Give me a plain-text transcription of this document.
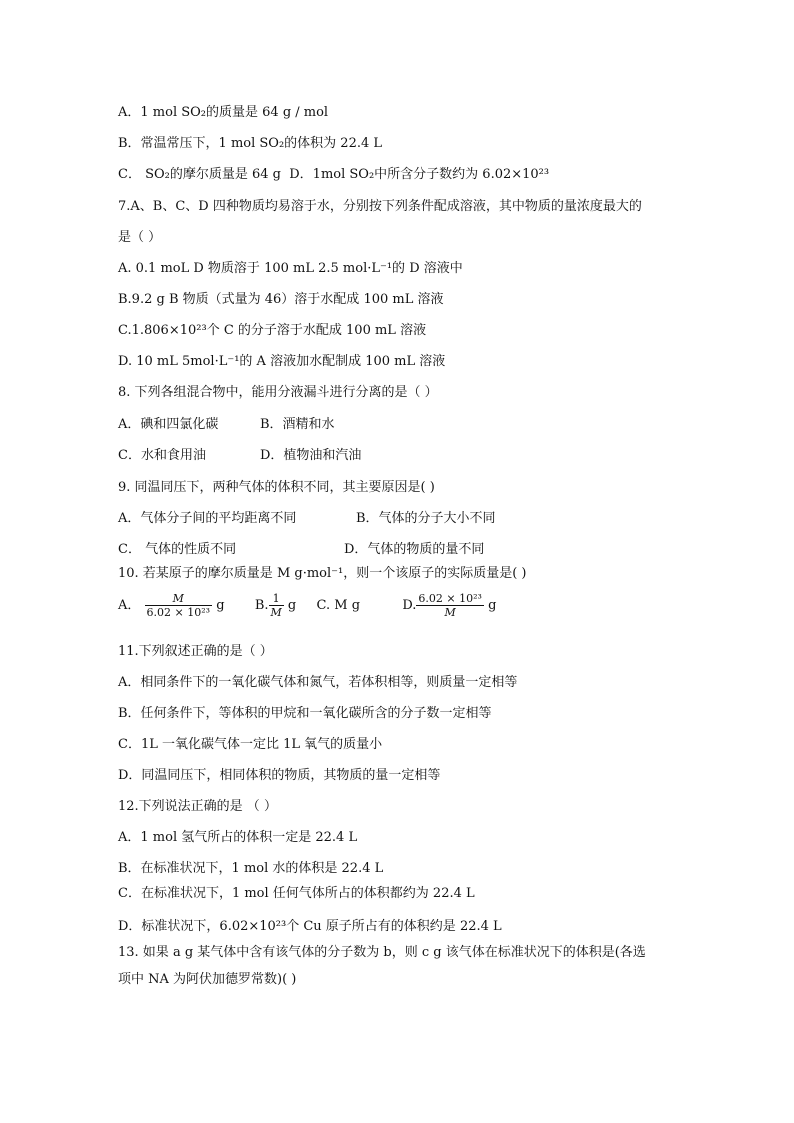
A．1 mol SO₂的质量是 64 g / mol
B．常温常压下，1 mol SO₂的体积为 22.4 L
C． SO₂的摩尔质量是 64 g D．1mol SO₂中所含分子数约为 6.02×10²³
7.A、B、C、D 四种物质均易溶于水，分别按下列条件配成溶液，其中物质的量浓度最大的
是（ ）
A. 0.1 moL D 物质溶于 100 mL 2.5 mol·L⁻¹的 D 溶液中
B.9.2 g B 物质（式量为 46）溶于水配成 100 mL 溶液
C.1.806×10²³个 C 的分子溶于水配成 100 mL 溶液
D. 10 mL 5mol·L⁻¹的 A 溶液加水配制成 100 mL 溶液
8. 下列各组混合物中，能用分液漏斗进行分离的是（ ）
A．碘和四氯化碳	B．酒精和水
C．水和食用油	D．植物油和汽油
9. 同温同压下，两种气体的体积不同，其主要原因是( )
A．气体分子间的平均距离不同	B．气体的分子大小不同
C． 气体的性质不同	D．气体的物质的量不同
10. 若某原子的摩尔质量是 M g·mol⁻¹，则一个该原子的实际质量是( )
A． $\frac{M}{\text{6.02 × 10²³}}$ g B. $\frac{1}{M}$ g C. M g	D. $\frac{\text{6.02 × 10²³}}{M}$ g
11.下列叙述正确的是（ ）
A．相同条件下的一氧化碳气体和氮气，若体积相等，则质量一定相等
B．任何条件下，等体积的甲烷和一氧化碳所含的分子数一定相等
C．1L 一氧化碳气体一定比 1L 氧气的质量小
D．同温同压下，相同体积的物质，其物质的量一定相等
12.下列说法正确的是 （ ）
A．1 mol 氢气所占的体积一定是 22.4 L
B．在标准状况下，1 mol 水的体积是 22.4 L
C．在标准状况下，1 mol 任何气体所占的体积都约为 22.4 L
D．标准状况下，6.02×10²³个 Cu 原子所占有的体积约是 22.4 L
13. 如果 a g 某气体中含有该气体的分子数为 b，则 c g 该气体在标准状况下的体积是(各选
项中 NA 为阿伏加德罗常数)( )
